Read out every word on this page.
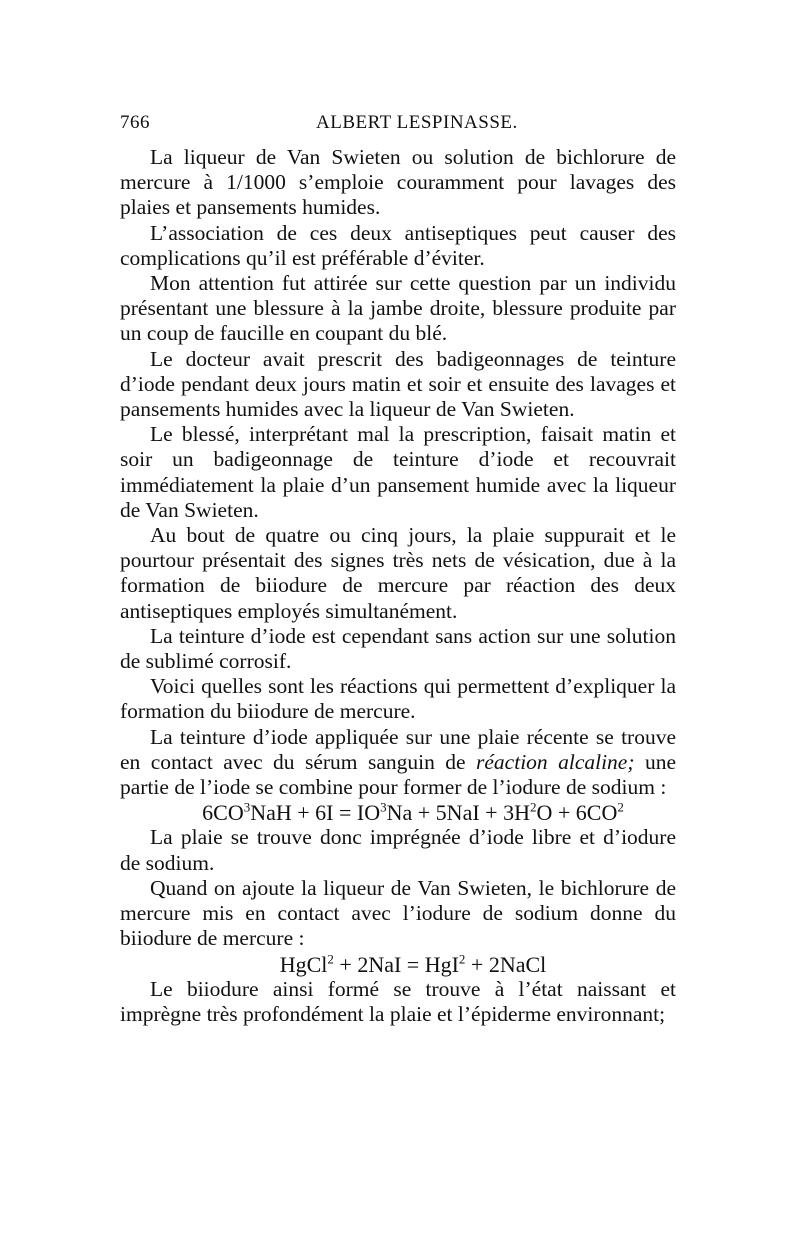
766	ALBERT LESPINASSE.

La liqueur de Van Swieten ou solution de bichlorure de mercure à 1/1000 s’emploie couramment pour lavages des plaies et pansements humides.

L’association de ces deux antiseptiques peut causer des complications qu’il est préférable d’éviter.

Mon attention fut attirée sur cette question par un individu présentant une blessure à la jambe droite, blessure produite par un coup de faucille en coupant du blé.

Le docteur avait prescrit des badigeonnages de teinture d’iode pendant deux jours matin et soir et ensuite des lavages et pansements humides avec la liqueur de Van Swieten.

Le blessé, interprétant mal la prescription, faisait matin et soir un badigeonnage de teinture d’iode et recouvrait immédiatement la plaie d’un pansement humide avec la liqueur de Van Swieten.

Au bout de quatre ou cinq jours, la plaie suppurait et le pourtour présentait des signes très nets de vésication, due à la formation de biiodure de mercure par réaction des deux antiseptiques employés simultanément.

La teinture d’iode est cependant sans action sur une solution de sublimé corrosif.

Voici quelles sont les réactions qui permettent d’expliquer la formation du biiodure de mercure.

La teinture d’iode appliquée sur une plaie récente se trouve en contact avec du sérum sanguin de réaction alcaline; une partie de l’iode se combine pour former de l’iodure de sodium :

$6CO^3NaH + 6I = IO^3Na + 5NaI + 3H^2O + 6CO^2$

La plaie se trouve donc imprégnée d’iode libre et d’iodure de sodium.

Quand on ajoute la liqueur de Van Swieten, le bichlorure de mercure mis en contact avec l’iodure de sodium donne du biiodure de mercure :

HgCl$^2$ + 2NaI = HgI$^2$ + 2NaCl

Le biiodure ainsi formé se trouve à l’état naissant et imprègne très profondément la plaie et l’épiderme environnant;
